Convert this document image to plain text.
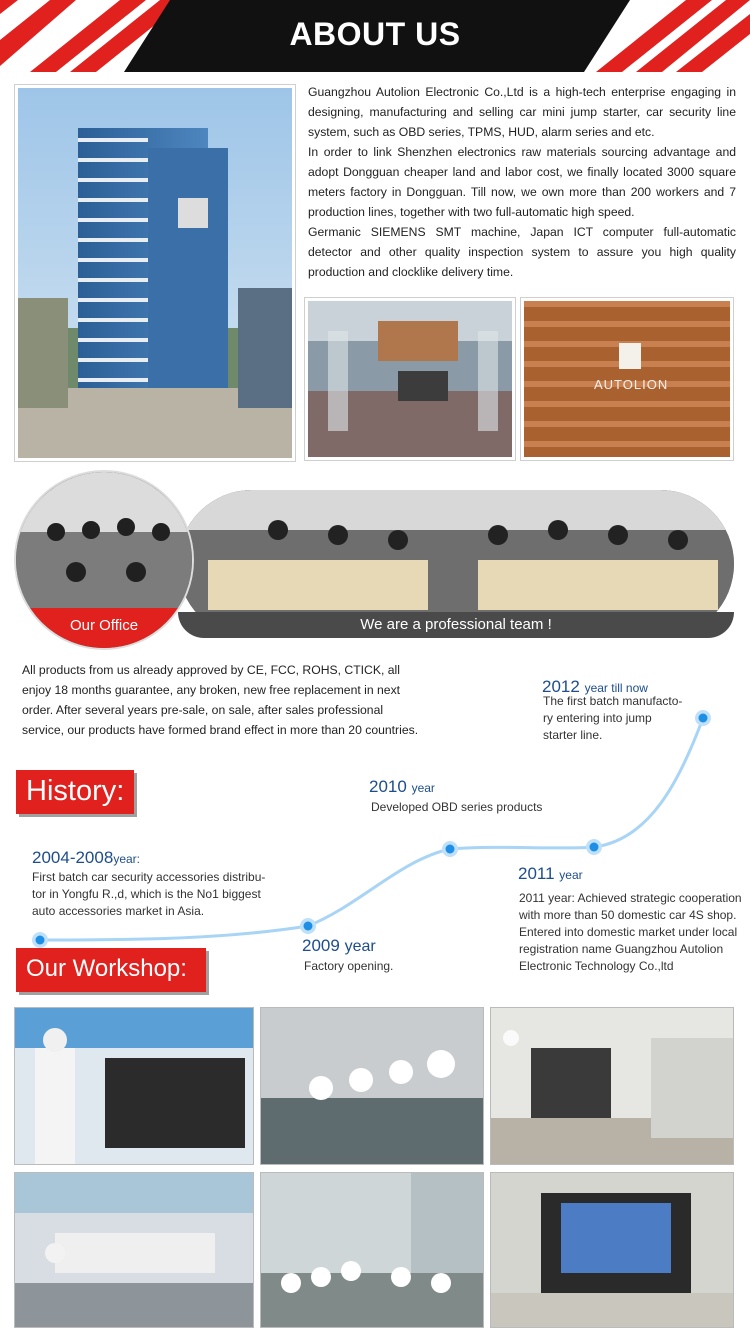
ABOUT US

Guangzhou Autolion Electronic Co.,Ltd is a high-tech enterprise engaging in designing, manufacturing and selling car mini jump starter, car security line system, such as OBD series, TPMS, HUD, alarm series and etc.

In order to link Shenzhen electronics raw materials sourcing advantage and adopt Dongguan cheaper land and labor cost, we finally located 3000 square meters factory in Dongguan. Till now, we own more than 200 workers and 7 production lines, together with two full-automatic high speed.

Germanic SIEMENS SMT machine, Japan ICT computer full-automatic detector and other quality inspection system to assure you high quality production and clocklike delivery time.

AUTOLION
We are a professional team !
Our Office
All products from us already approved by CE, FCC, ROHS, CTICK, all enjoy 18 months guarantee, any broken, new free replacement in next order. After several years pre-sale, on sale, after sales professional service, our products have formed brand effect in more than 20 countries.
History:
2004-2008year:
First batch car security accessories distribu-tor in Yongfu R.,d, which is the No1 biggest auto accessories market in Asia.
2009 year
Factory opening.
2010 year
Developed OBD series products
2011 year
2011 year: Achieved strategic cooperation with more than 50 domestic car 4S shop. Entered into domestic market under local registration name Guangzhou Autolion Electronic Technology Co.,ltd
2012 year till now
The first batch manufacto-ry entering into jump starter line.
Our Workshop:
